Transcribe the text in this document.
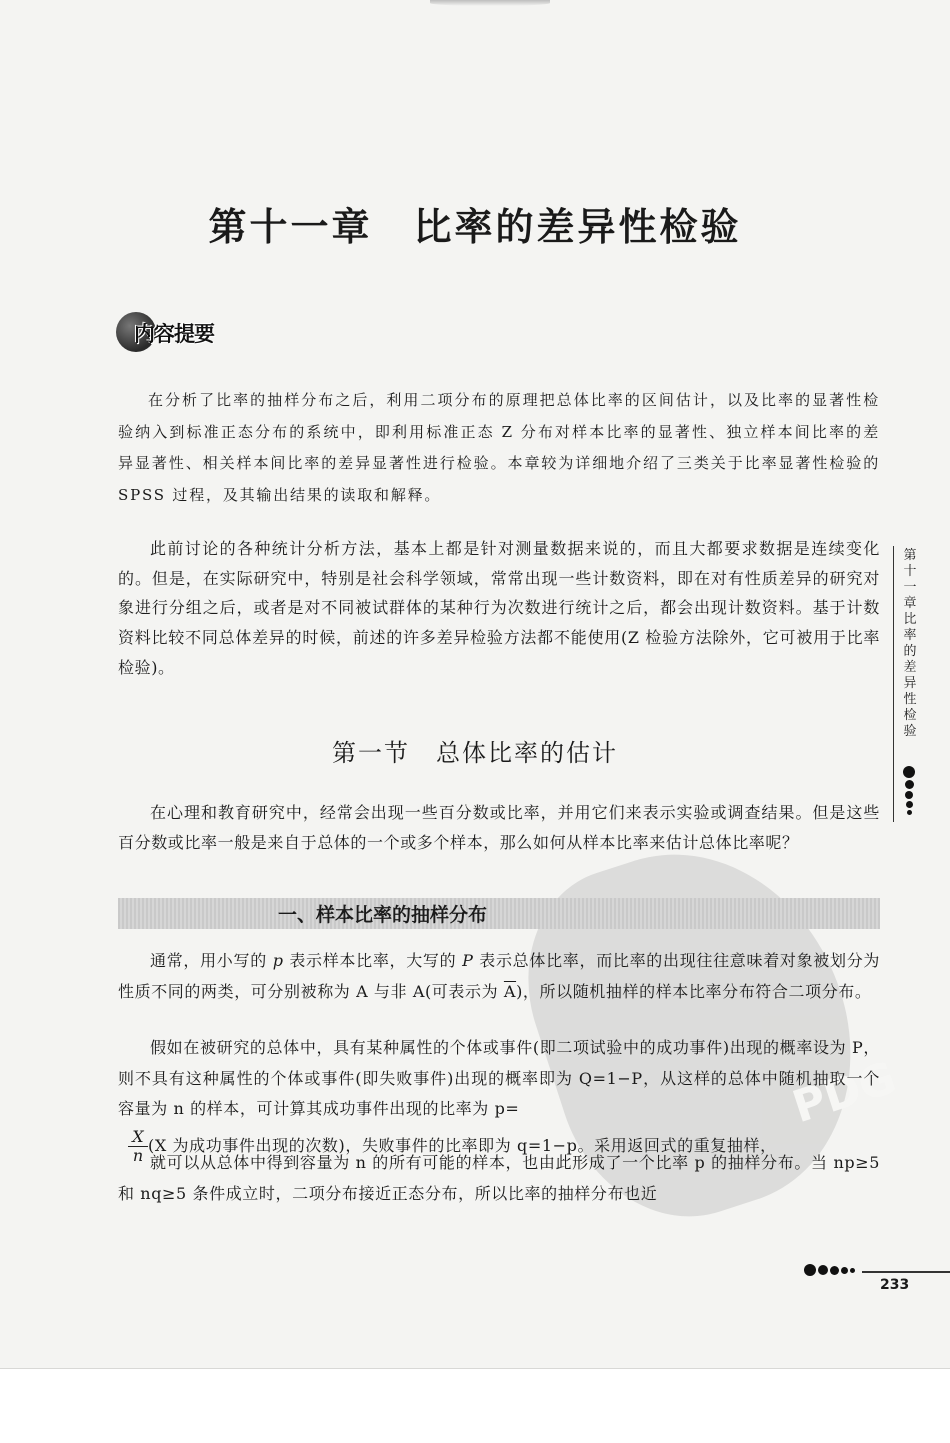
PDG
第十一章　比率的差异性检验
内容提要

在分析了比率的抽样分布之后，利用二项分布的原理把总体比率的区间估计，以及比率的显著性检验纳入到标准正态分布的系统中，即利用标准正态 Z 分布对样本比率的显著性、独立样本间比率的差异显著性、相关样本间比率的差异显著性进行检验。本章较为详细地介绍了三类关于比率显著性检验的 SPSS 过程，及其输出结果的读取和解释。

此前讨论的各种统计分析方法，基本上都是针对测量数据来说的，而且大都要求数据是连续变化的。但是，在实际研究中，特别是社会科学领域，常常出现一些计数资料，即在对有性质差异的研究对象进行分组之后，或者是对不同被试群体的某种行为次数进行统计之后，都会出现计数资料。基于计数资料比较不同总体差异的时候，前述的许多差异检验方法都不能使用(Z 检验方法除外，它可被用于比率检验)。

第一节　总体比率的估计

在心理和教育研究中，经常会出现一些百分数或比率，并用它们来表示实验或调查结果。但是这些百分数或比率一般是来自于总体的一个或多个样本，那么如何从样本比率来估计总体比率呢？

一、样本比率的抽样分布

通常，用小写的 p 表示样本比率，大写的 P 表示总体比率，而比率的出现往往意味着对象被划分为性质不同的两类，可分别被称为 A 与非 A(可表示为 $\overline{A}$)，所以随机抽样的样本比率分布符合二项分布。

假如在被研究的总体中，具有某种属性的个体或事件(即二项试验中的成功事件)出现的概率设为 P，则不具有这种属性的个体或事件(即失败事件)出现的概率即为 Q=1−P，从这样的总体中随机抽取一个容量为 n 的样本，可计算其成功事件出现的比率为 p=

$\frac{X}{n} (X$ 为成功事件出现的次数)，失败事件的比率即为 q=1−p。采用返回式的重复抽样，

就可以从总体中得到容量为 n 的所有可能的样本，也由此形成了一个比率 p 的抽样分布。当 np≥5 和 nq≥5 条件成立时，二项分布接近正态分布，所以比率的抽样分布也近

第十一章　比率的差异性检验
233
